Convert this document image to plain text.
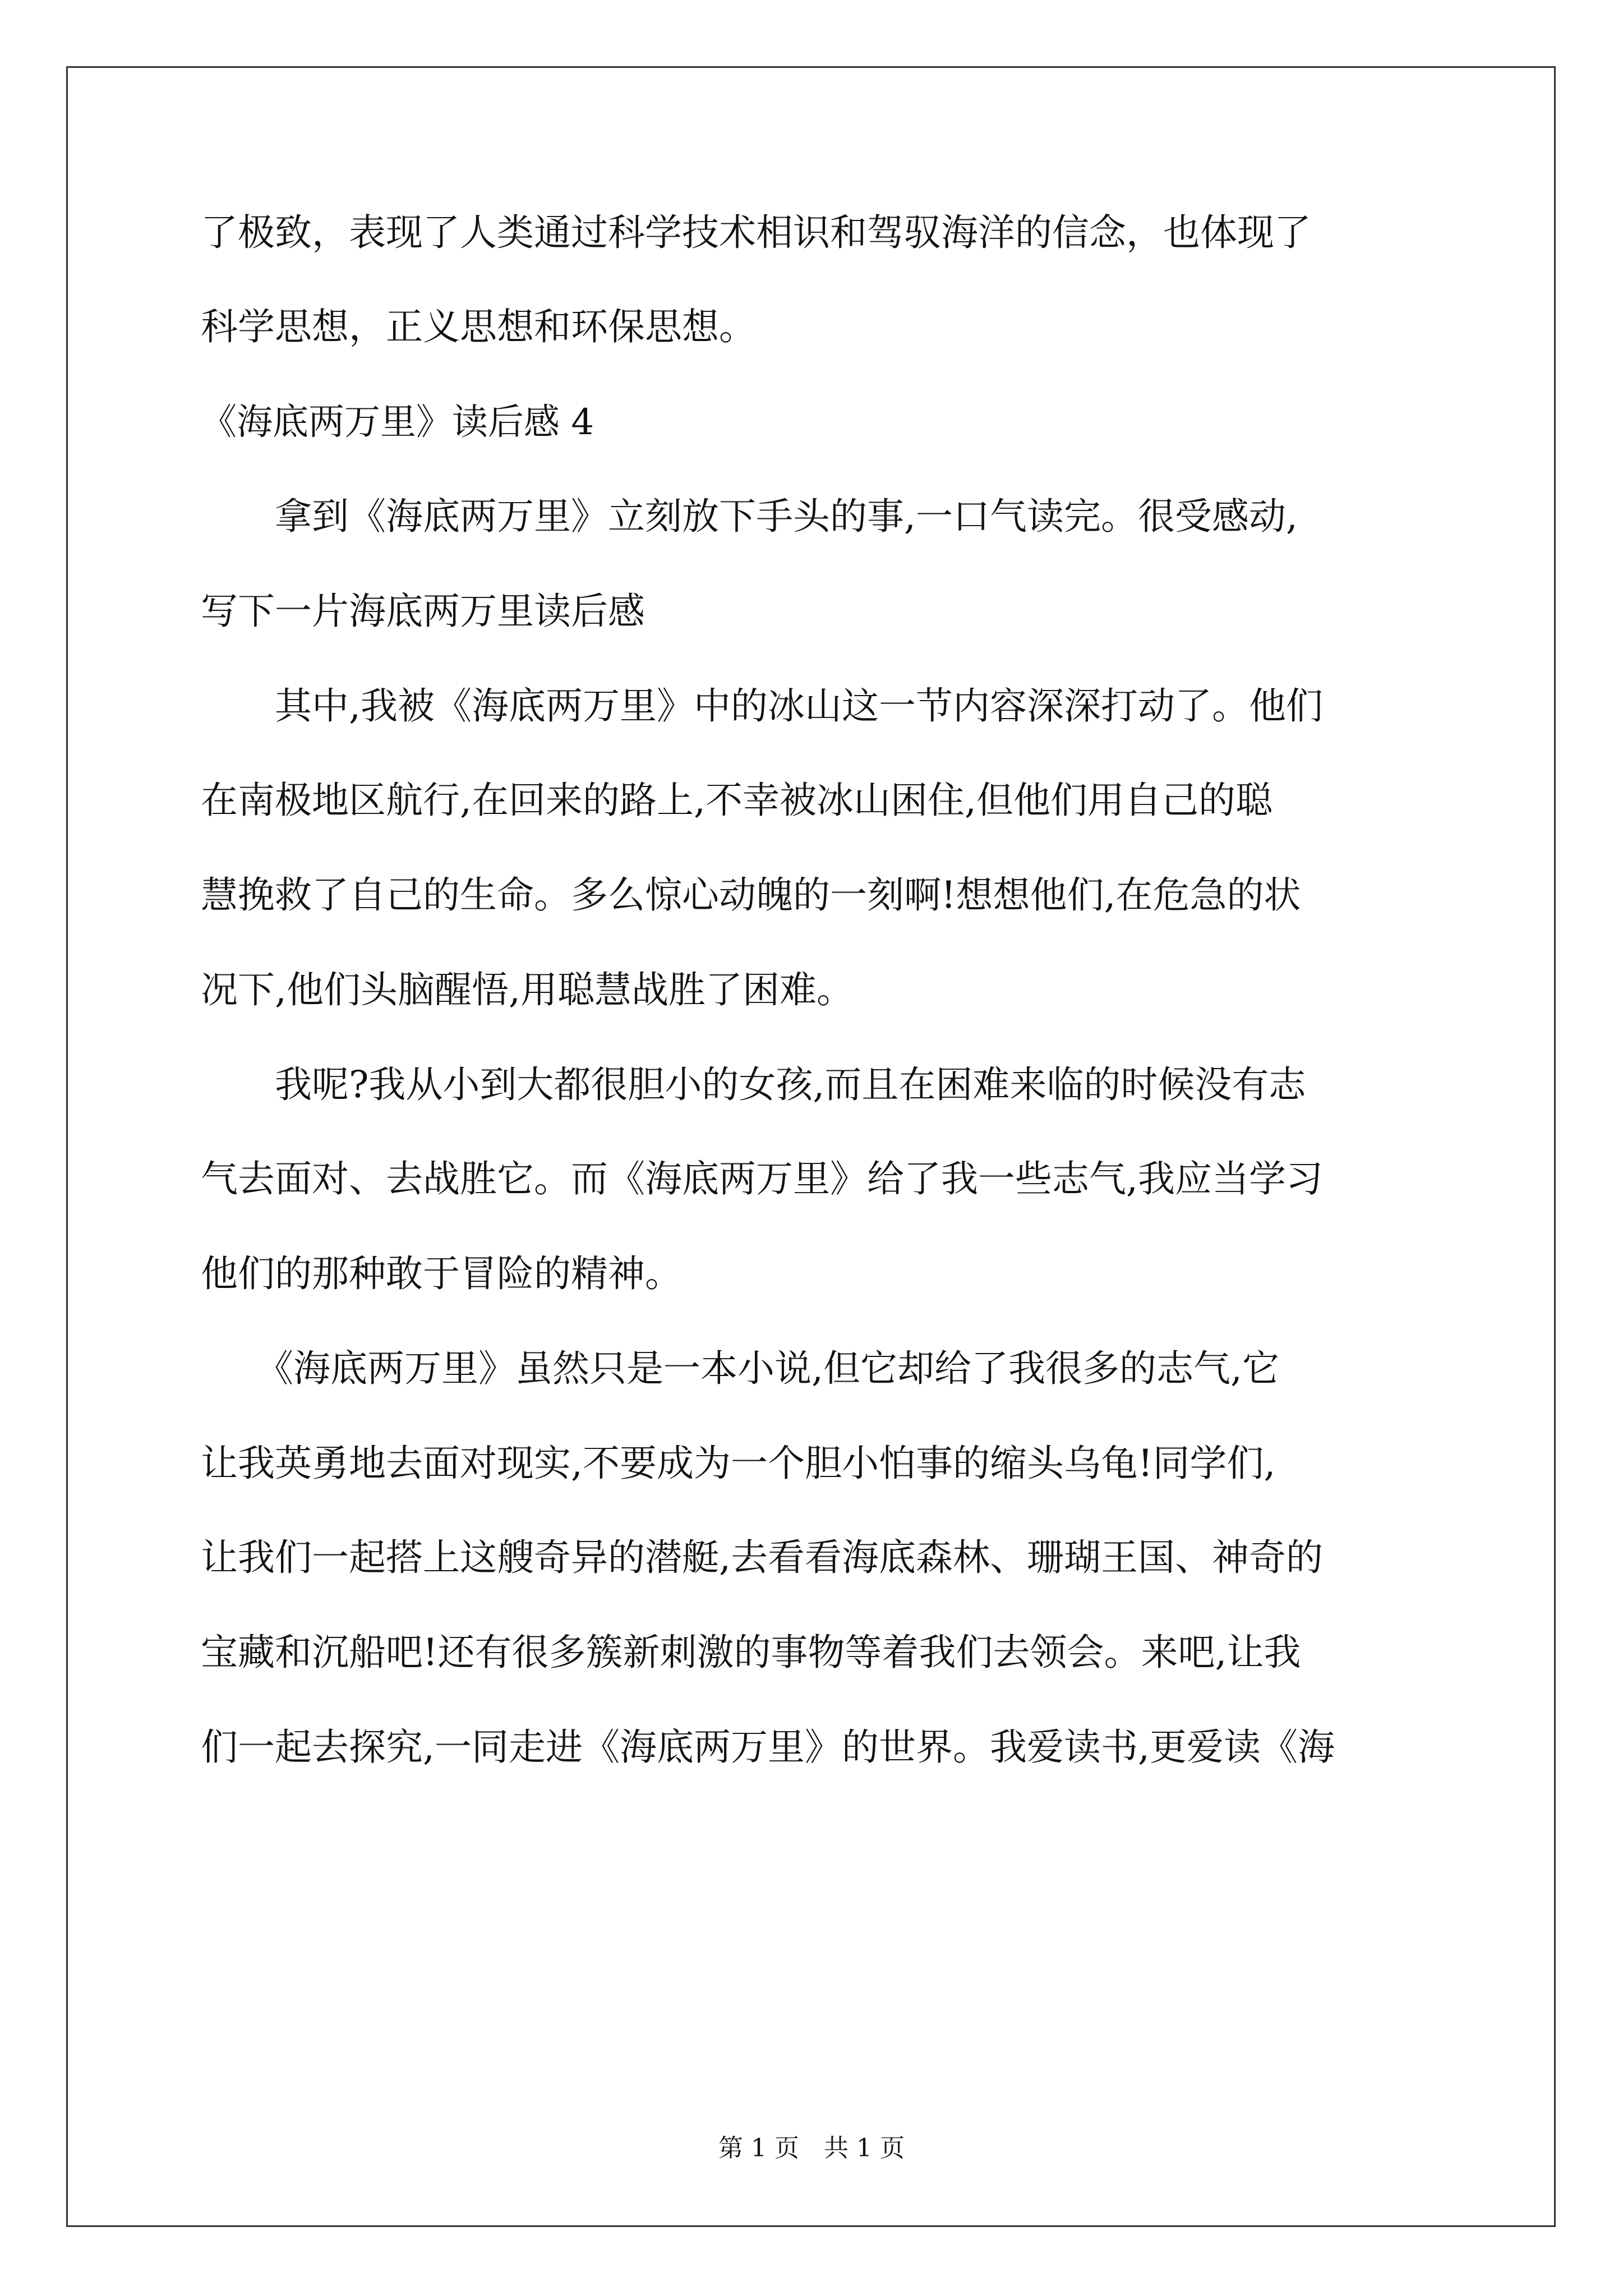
了极致，表现了人类通过科学技术相识和驾驭海洋的信念，也体现了
科学思想，正义思想和环保思想。
《海底两万里》读后感 4
　　拿到《海底两万里》立刻放下手头的事,一口气读完。很受感动,
写下一片海底两万里读后感
　　其中,我被《海底两万里》中的冰山这一节内容深深打动了。他们
在南极地区航行,在回来的路上,不幸被冰山困住,但他们用自己的聪
慧挽救了自己的生命。多么惊心动魄的一刻啊!想想他们,在危急的状
况下,他们头脑醒悟,用聪慧战胜了困难。
　　我呢?我从小到大都很胆小的女孩,而且在困难来临的时候没有志
气去面对、去战胜它。而《海底两万里》给了我一些志气,我应当学习
他们的那种敢于冒险的精神。
　　《海底两万里》虽然只是一本小说,但它却给了我很多的志气,它
让我英勇地去面对现实,不要成为一个胆小怕事的缩头乌龟!同学们,
让我们一起搭上这艘奇异的潜艇,去看看海底森林、珊瑚王国、神奇的
宝藏和沉船吧!还有很多簇新刺激的事物等着我们去领会。来吧,让我
们一起去探究,一同走进《海底两万里》的世界。我爱读书,更爱读《海
第 1 页　共 1 页
